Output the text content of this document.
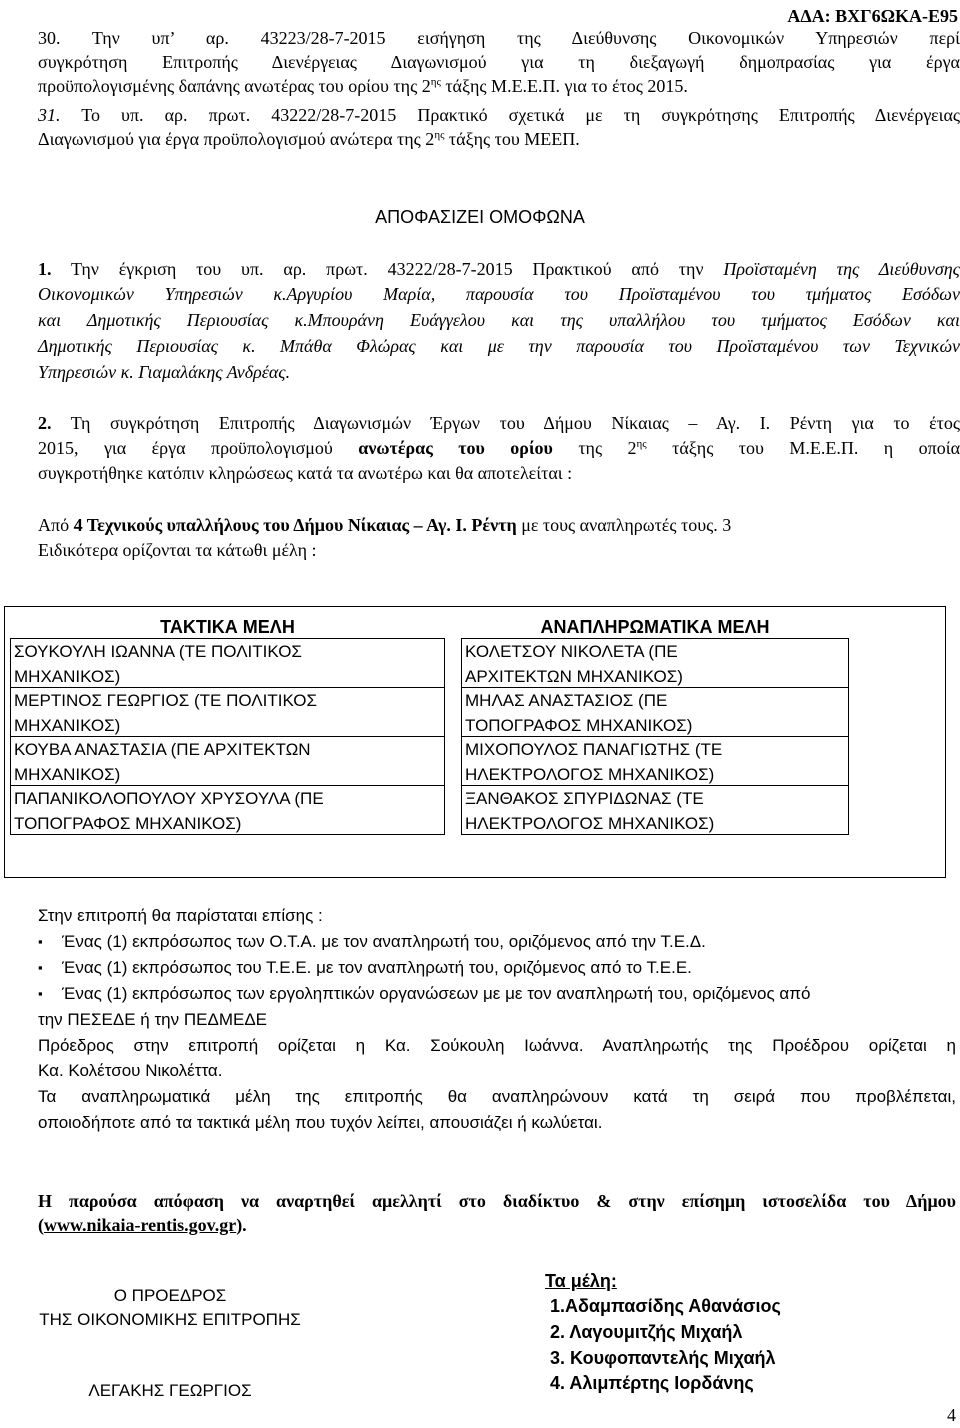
ΑΔΑ: ΒΧΓ6ΩΚΑ-Ε95
30. Την υπ’ αρ. 43223/28-7-2015 εισήγηση της Διεύθυνσης Οικονομικών Υπηρεσιών περί
συγκρότηση Επιτροπής Διενέργειας Διαγωνισμού για τη διεξαγωγή δημοπρασίας για έργα
προϋπολογισμένης δαπάνης ανωτέρας του ορίου της $2^{\eta\varsigma}$ τάξης Μ.Ε.Ε.Π. για το έτος 2015.
31. Το υπ. αρ. πρωτ. 43222/28-7-2015 Πρακτικό σχετικά με τη συγκρότησης Επιτροπής Διενέργειας
Διαγωνισμού για έργα προϋπολογισμού ανώτερα της $2^{\eta\varsigma}$ τάξης του ΜΕΕΠ.
ΑΠΟΦΑΣΙΖΕΙ ΟΜΟΦΩΝΑ
1. Την έγκριση του υπ. αρ. πρωτ. 43222/28-7-2015 Πρακτικού από την Προϊσταμένη της Διεύθυνσης
Οικονομικών Υπηρεσιών κ.Αργυρίου Μαρία, παρουσία του Προϊσταμένου του τμήματος Εσόδων
και Δημοτικής Περιουσίας κ.Μπουράνη Ευάγγελου και της υπαλλήλου του τμήματος Εσόδων και
Δημοτικής Περιουσίας κ. Μπάθα Φλώρας και με την παρουσία του Προϊσταμένου των Τεχνικών
Υπηρεσιών κ. Γιαμαλάκης Ανδρέας.
2. Τη συγκρότηση Επιτροπής Διαγωνισμών Έργων του Δήμου Νίκαιας – Αγ. Ι. Ρέντη για το έτος
2015, για έργα προϋπολογισμού ανωτέρας του ορίου της $2^{\eta\varsigma}$ τάξης του Μ.Ε.Ε.Π. η οποία
συγκροτήθηκε κατόπιν κληρώσεως κατά τα ανωτέρω και θα αποτελείται :
Από 4 Τεχνικούς υπαλλήλους του Δήμου Νίκαιας – Αγ. Ι. Ρέντη με τους αναπληρωτές τους. 3
Ειδικότερα ορίζονται τα κάτωθι μέλη :
ΤΑΚΤΙΚΑ ΜΕΛΗ
ΣΟΥΚΟΥΛΗ ΙΩΑΝΝΑ (ΤΕ ΠΟΛΙΤΙΚΟΣ
ΜΗΧΑΝΙΚΟΣ)
ΜΕΡΤΙΝΟΣ ΓΕΩΡΓΙΟΣ (ΤΕ ΠΟΛΙΤΙΚΟΣ
ΜΗΧΑΝΙΚΟΣ)
ΚΟΥΒΑ ΑΝΑΣΤΑΣΙΑ (ΠΕ ΑΡΧΙΤΕΚΤΩΝ
ΜΗΧΑΝΙΚΟΣ)
ΠΑΠΑΝΙΚΟΛΟΠΟΥΛΟΥ ΧΡΥΣΟΥΛΑ (ΠΕ
ΤΟΠΟΓΡΑΦΟΣ ΜΗΧΑΝΙΚΟΣ)
ΑΝΑΠΛΗΡΩΜΑΤΙΚΑ ΜΕΛΗ
ΚΟΛΕΤΣΟΥ ΝΙΚΟΛΕΤΑ (ΠΕ
ΑΡΧΙΤΕΚΤΩΝ ΜΗΧΑΝΙΚΟΣ)
ΜΗΛΑΣ ΑΝΑΣΤΑΣΙΟΣ (ΠΕ
ΤΟΠΟΓΡΑΦΟΣ ΜΗΧΑΝΙΚΟΣ)
ΜΙΧΟΠΟΥΛΟΣ ΠΑΝΑΓΙΩΤΗΣ (ΤΕ
ΗΛΕΚΤΡΟΛΟΓΟΣ ΜΗΧΑΝΙΚΟΣ)
ΞΑΝΘΑΚΟΣ ΣΠΥΡΙΔΩΝΑΣ (ΤΕ
ΗΛΕΚΤΡΟΛΟΓΟΣ ΜΗΧΑΝΙΚΟΣ)
Στην επιτροπή θα παρίσταται επίσης :
▪ Ένας (1) εκπρόσωπος των Ο.Τ.Α. με τον αναπληρωτή του, οριζόμενος από την Τ.Ε.Δ.
▪ Ένας (1) εκπρόσωπος του Τ.Ε.Ε. με τον αναπληρωτή του, οριζόμενος από το Τ.Ε.Ε.
▪ Ένας (1) εκπρόσωπος των εργοληπτικών οργανώσεων με με τον αναπληρωτή του, οριζόμενος από
την ΠΕΣΕΔΕ ή την ΠΕΔΜΕΔΕ
Πρόεδρος στην επιτροπή ορίζεται η Κα. Σούκουλη Ιωάννα. Αναπληρωτής της Προέδρου ορίζεται η
Κα. Κολέτσου Νικολέττα.
Τα αναπληρωματικά μέλη της επιτροπής θα αναπληρώνουν κατά τη σειρά που προβλέπεται,
οποιοδήποτε από τα τακτικά μέλη που τυχόν λείπει, απουσιάζει ή κωλύεται.
Η παρούσα απόφαση να αναρτηθεί αμελλητί στο διαδίκτυο & στην επίσημη ιστοσελίδα του Δήμου
(www.nikaia-rentis.gov.gr).
Ο ΠΡΟΕΔΡΟΣ
ΤΗΣ ΟΙΚΟΝΟΜΙΚΗΣ ΕΠΙΤΡΟΠΗΣ
ΛΕΓΑΚΗΣ ΓΕΩΡΓΙΟΣ
Τα μέλη:
1.Αδαμπασίδης Αθανάσιος
2. Λαγουμιτζής Μιχαήλ
3. Κουφοπαντελής Μιχαήλ
4. Αλιμπέρτης Ιορδάνης
4
